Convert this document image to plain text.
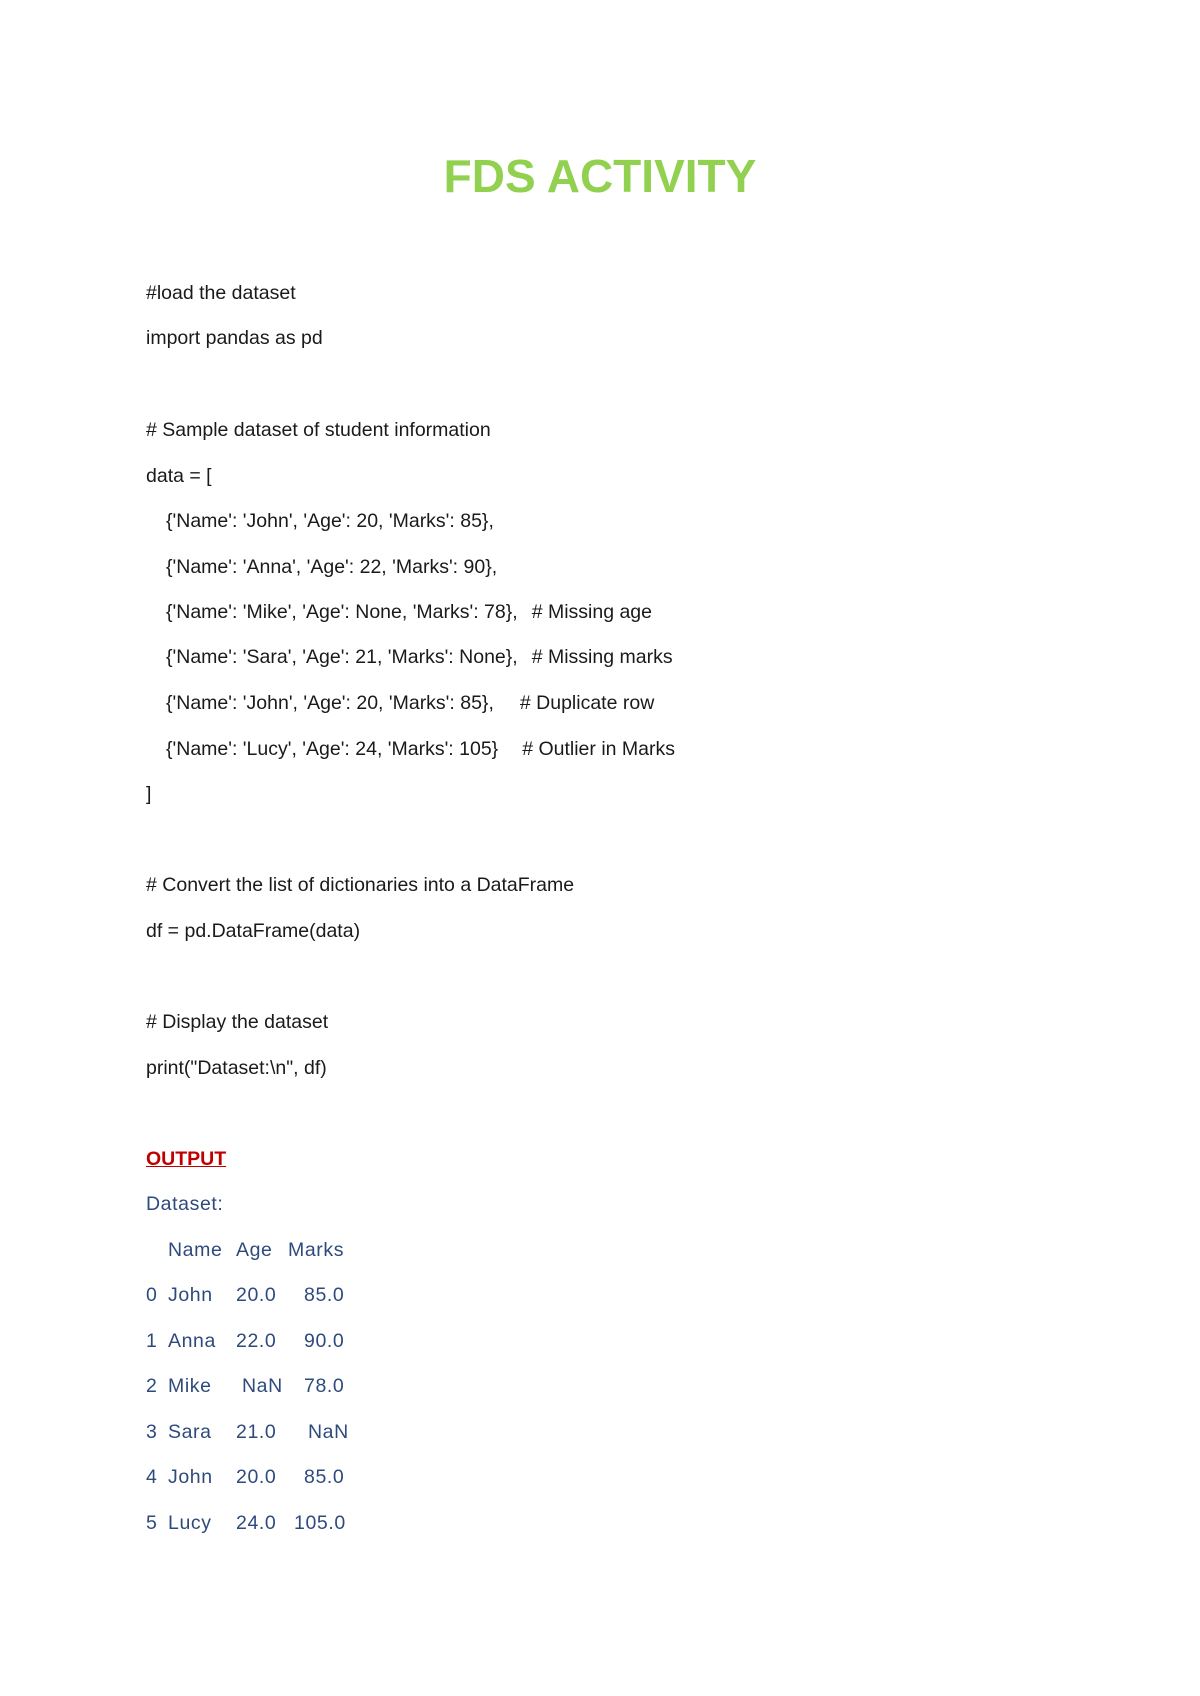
FDS ACTIVITY
#load the dataset
import pandas as pd
# Sample dataset of student information
data = [
{'Name': 'John', 'Age': 20, 'Marks': 85},
{'Name': 'Anna', 'Age': 22, 'Marks': 90},
{'Name': 'Mike', 'Age': None, 'Marks': 78}, # Missing age
{'Name': 'Sara', 'Age': 21, 'Marks': None}, # Missing marks
{'Name': 'John', 'Age': 20, 'Marks': 85}, # Duplicate row
{'Name': 'Lucy', 'Age': 24, 'Marks': 105} # Outlier in Marks
]
# Convert the list of dictionaries into a DataFrame
df = pd.DataFrame(data)
# Display the dataset
print("Dataset:\n", df)
OUTPUT
Dataset:
Name Age Marks
0 John 20.0 85.0
1 Anna 22.0 90.0
2 Mike NaN 78.0
3 Sara 21.0 NaN
4 John 20.0 85.0
5 Lucy 24.0 105.0
